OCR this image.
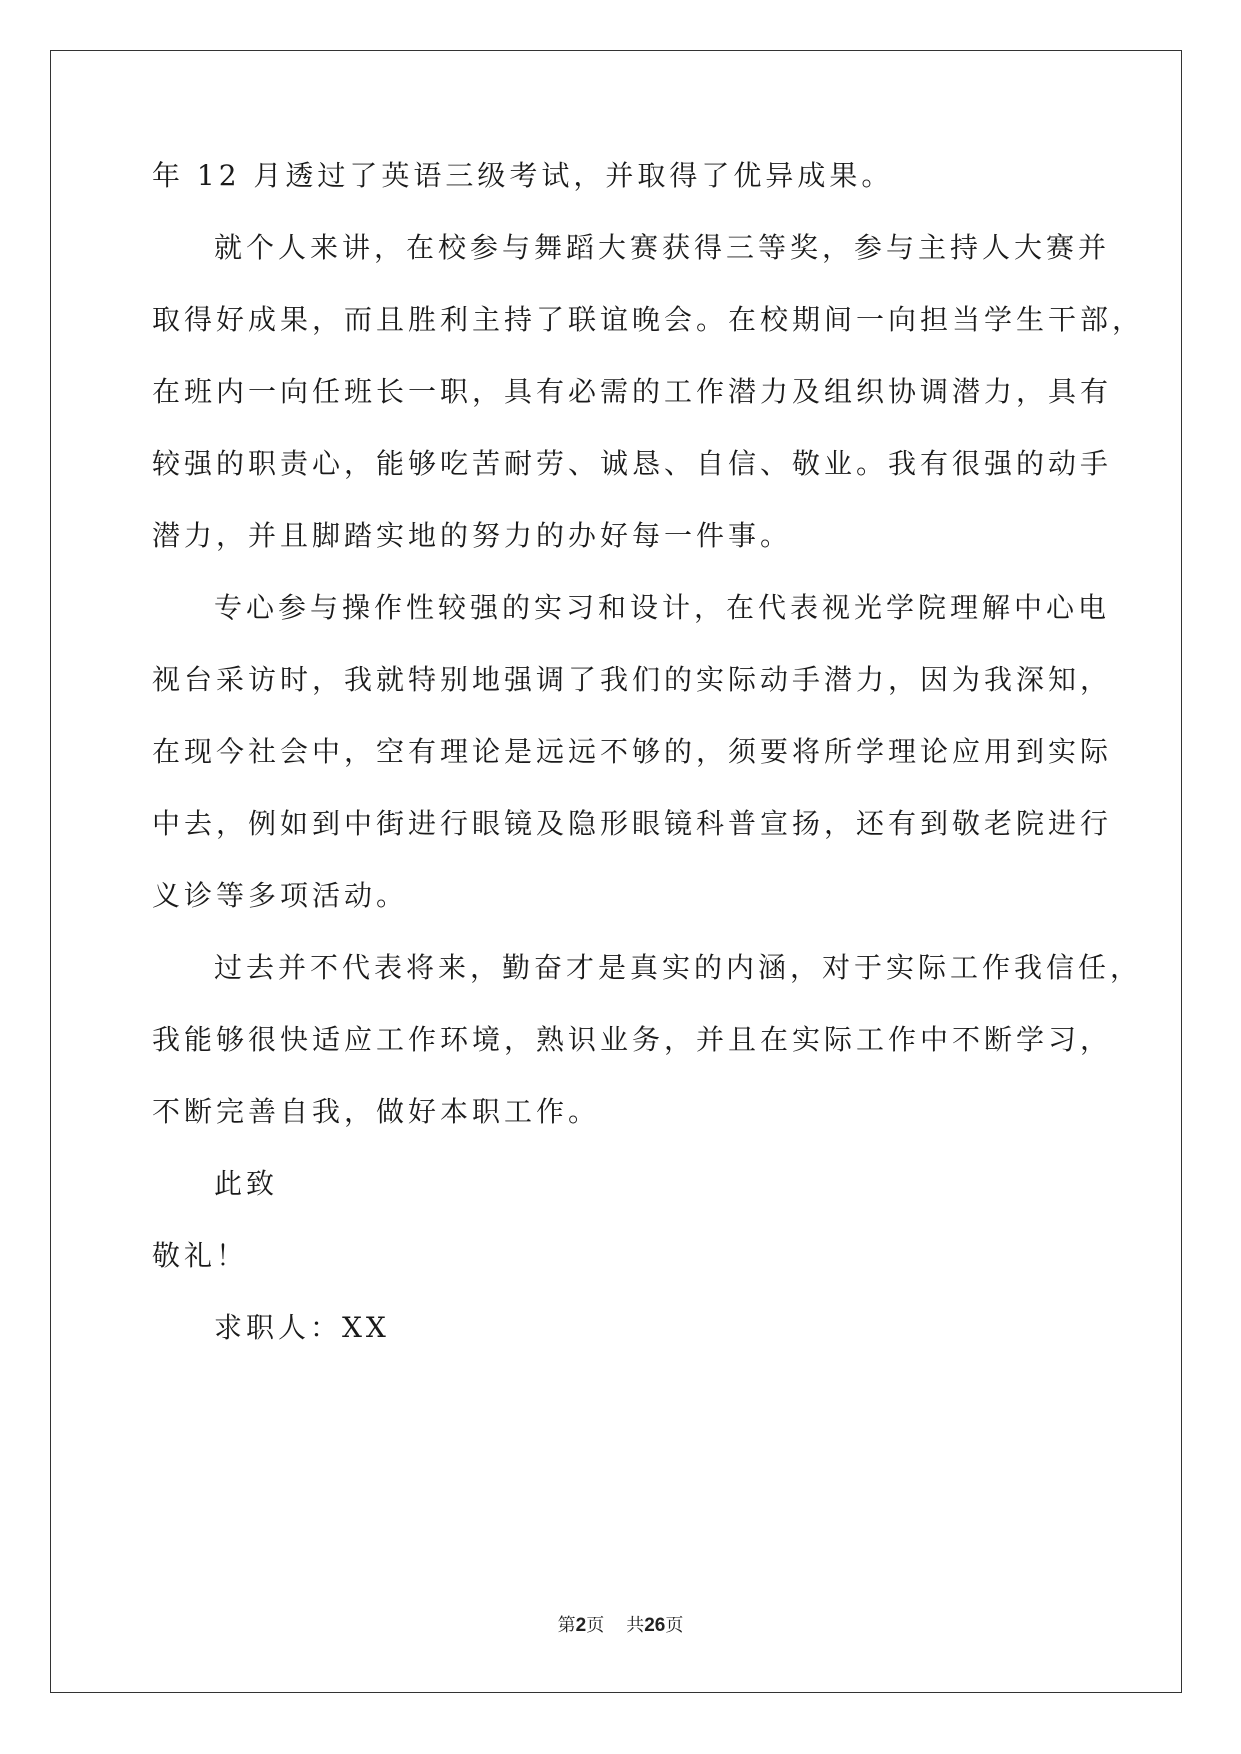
年 12 月透过了英语三级考试，并取得了优异成果。
就个人来讲，在校参与舞蹈大赛获得三等奖，参与主持人大赛并
取得好成果，而且胜利主持了联谊晚会。在校期间一向担当学生干部，
在班内一向任班长一职，具有必需的工作潜力及组织协调潜力，具有
较强的职责心，能够吃苦耐劳、诚恳、自信、敬业。我有很强的动手
潜力，并且脚踏实地的努力的办好每一件事。
专心参与操作性较强的实习和设计，在代表视光学院理解中心电
视台采访时，我就特别地强调了我们的实际动手潜力，因为我深知，
在现今社会中，空有理论是远远不够的，须要将所学理论应用到实际
中去，例如到中街进行眼镜及隐形眼镜科普宣扬，还有到敬老院进行
义诊等多项活动。
过去并不代表将来，勤奋才是真实的内涵，对于实际工作我信任，
我能够很快适应工作环境，熟识业务，并且在实际工作中不断学习，
不断完善自我，做好本职工作。
此致
敬礼！
求职人：XX
第2页 共26页
